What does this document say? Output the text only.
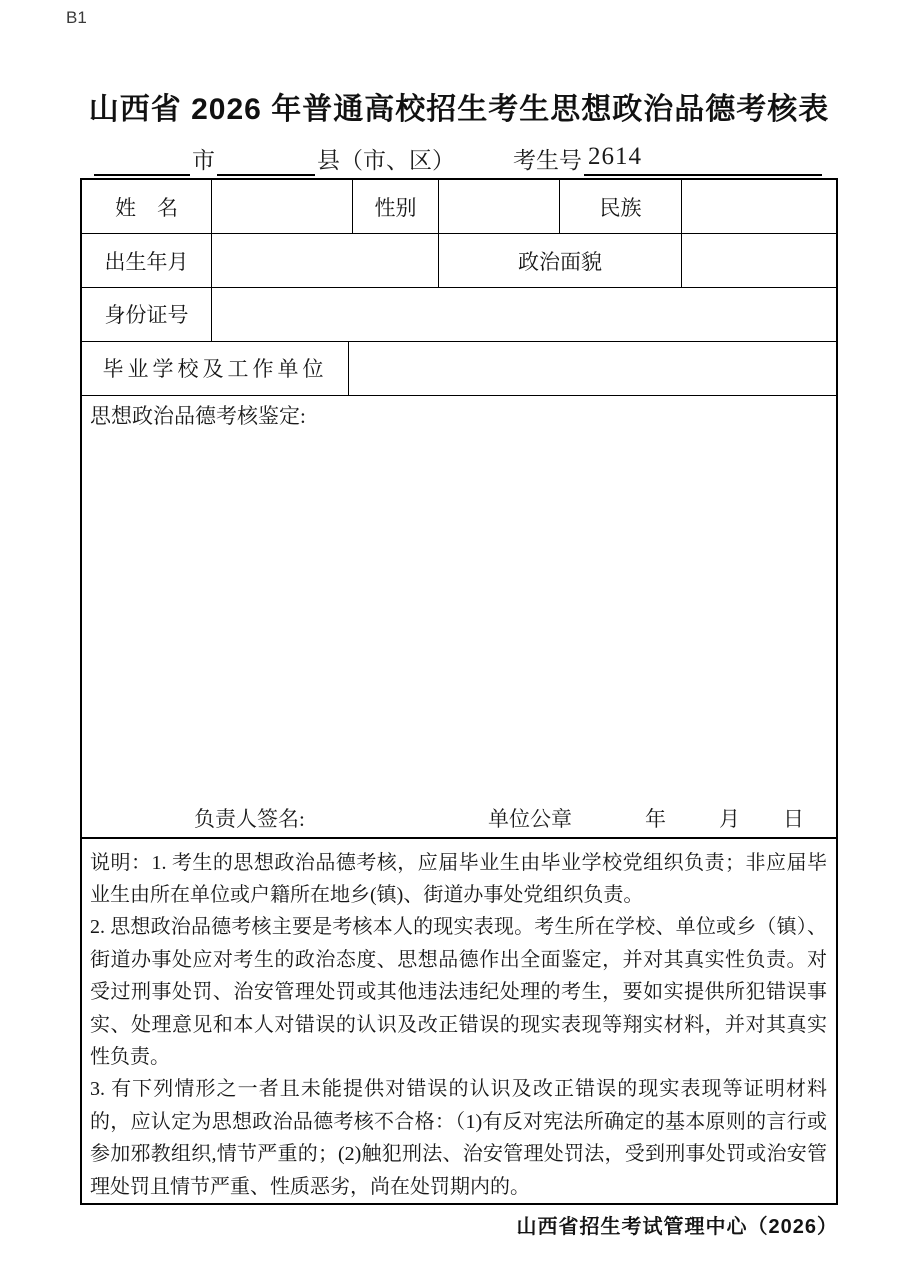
B1
山西省 2026 年普通高校招生考生思想政治品德考核表
市	县（市、区）	考生号 2614
姓　名	性别	民族
出生年月	政治面貌
身份证号
毕业学校及工作单位
思想政治品德考核鉴定:
负责人签名:	单位公章	年	月 日

说明：1. 考生的思想政治品德考核，应届毕业生由毕业学校党组织负责；非应届毕业生由所在单位或户籍所在地乡(镇)、街道办事处党组织负责。

2. 思想政治品德考核主要是考核本人的现实表现。考生所在学校、单位或乡（镇）、街道办事处应对考生的政治态度、思想品德作出全面鉴定，并对其真实性负责。对受过刑事处罚、治安管理处罚或其他违法违纪处理的考生，要如实提供所犯错误事实、处理意见和本人对错误的认识及改正错误的现实表现等翔实材料，并对其真实性负责。

3. 有下列情形之一者且未能提供对错误的认识及改正错误的现实表现等证明材料的，应认定为思想政治品德考核不合格：（1)有反对宪法所确定的基本原则的言行或参加邪教组织,情节严重的；(2)触犯刑法、治安管理处罚法，受到刑事处罚或治安管理处罚且情节严重、性质恶劣，尚在处罚期内的。

山西省招生考试管理中心（2026）
